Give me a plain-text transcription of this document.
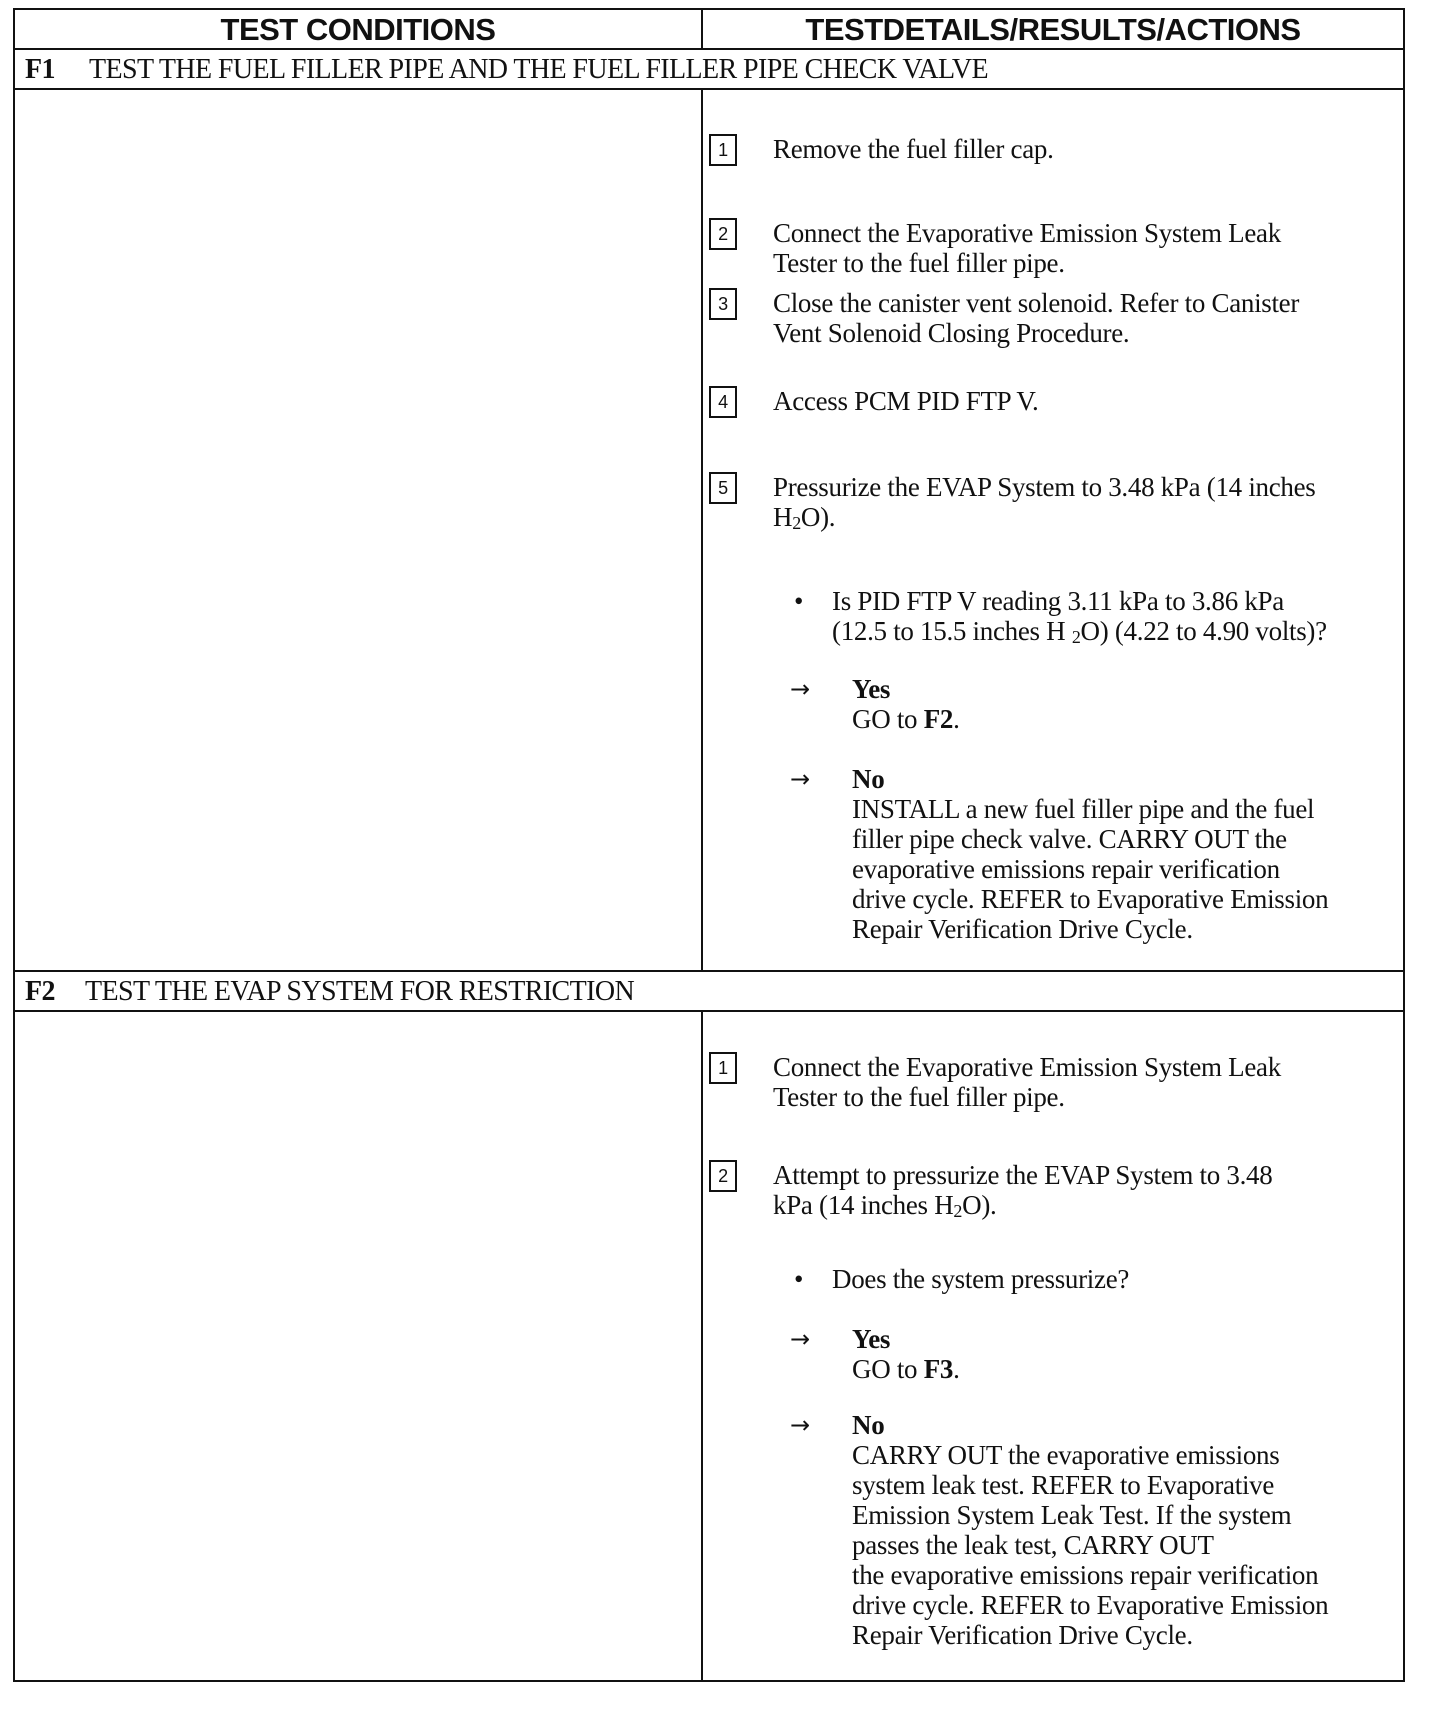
TEST CONDITIONS	TESTDETAILS/RESULTS/ACTIONS
F1 TEST THE FUEL FILLER PIPE AND THE FUEL FILLER PIPE CHECK VALVE
1	Remove the fuel filler cap.
2	Connect the Evaporative Emission System Leak
Tester to the fuel filler pipe.
3	Close the canister vent solenoid. Refer to Canister
Vent Solenoid Closing Procedure.
4	Access PCM PID FTP V.
5	Pressurize the EVAP System to 3.48 kPa (14 inches
$H_2O$).
• Is PID FTP V reading 3.11 kPa to 3.86 kPa
(12.5 to 15.5 inches H $_2$O) (4.22 to 4.90 volts)?
→ Yes
GO to F2.
→ No
INSTALL a new fuel filler pipe and the fuel
filler pipe check valve. CARRY OUT the
evaporative emissions repair verification
drive cycle. REFER to Evaporative Emission
Repair Verification Drive Cycle.
F2 TEST THE EVAP SYSTEM FOR RESTRICTION
1	Connect the Evaporative Emission System Leak
Tester to the fuel filler pipe.
2	Attempt to pressurize the EVAP System to 3.48
kPa (14 inches $H_2O$).
• Does the system pressurize?
→ Yes
GO to F3.
→ No
CARRY OUT the evaporative emissions
system leak test. REFER to Evaporative
Emission System Leak Test. If the system
passes the leak test, CARRY OUT
the evaporative emissions repair verification
drive cycle. REFER to Evaporative Emission
Repair Verification Drive Cycle.
